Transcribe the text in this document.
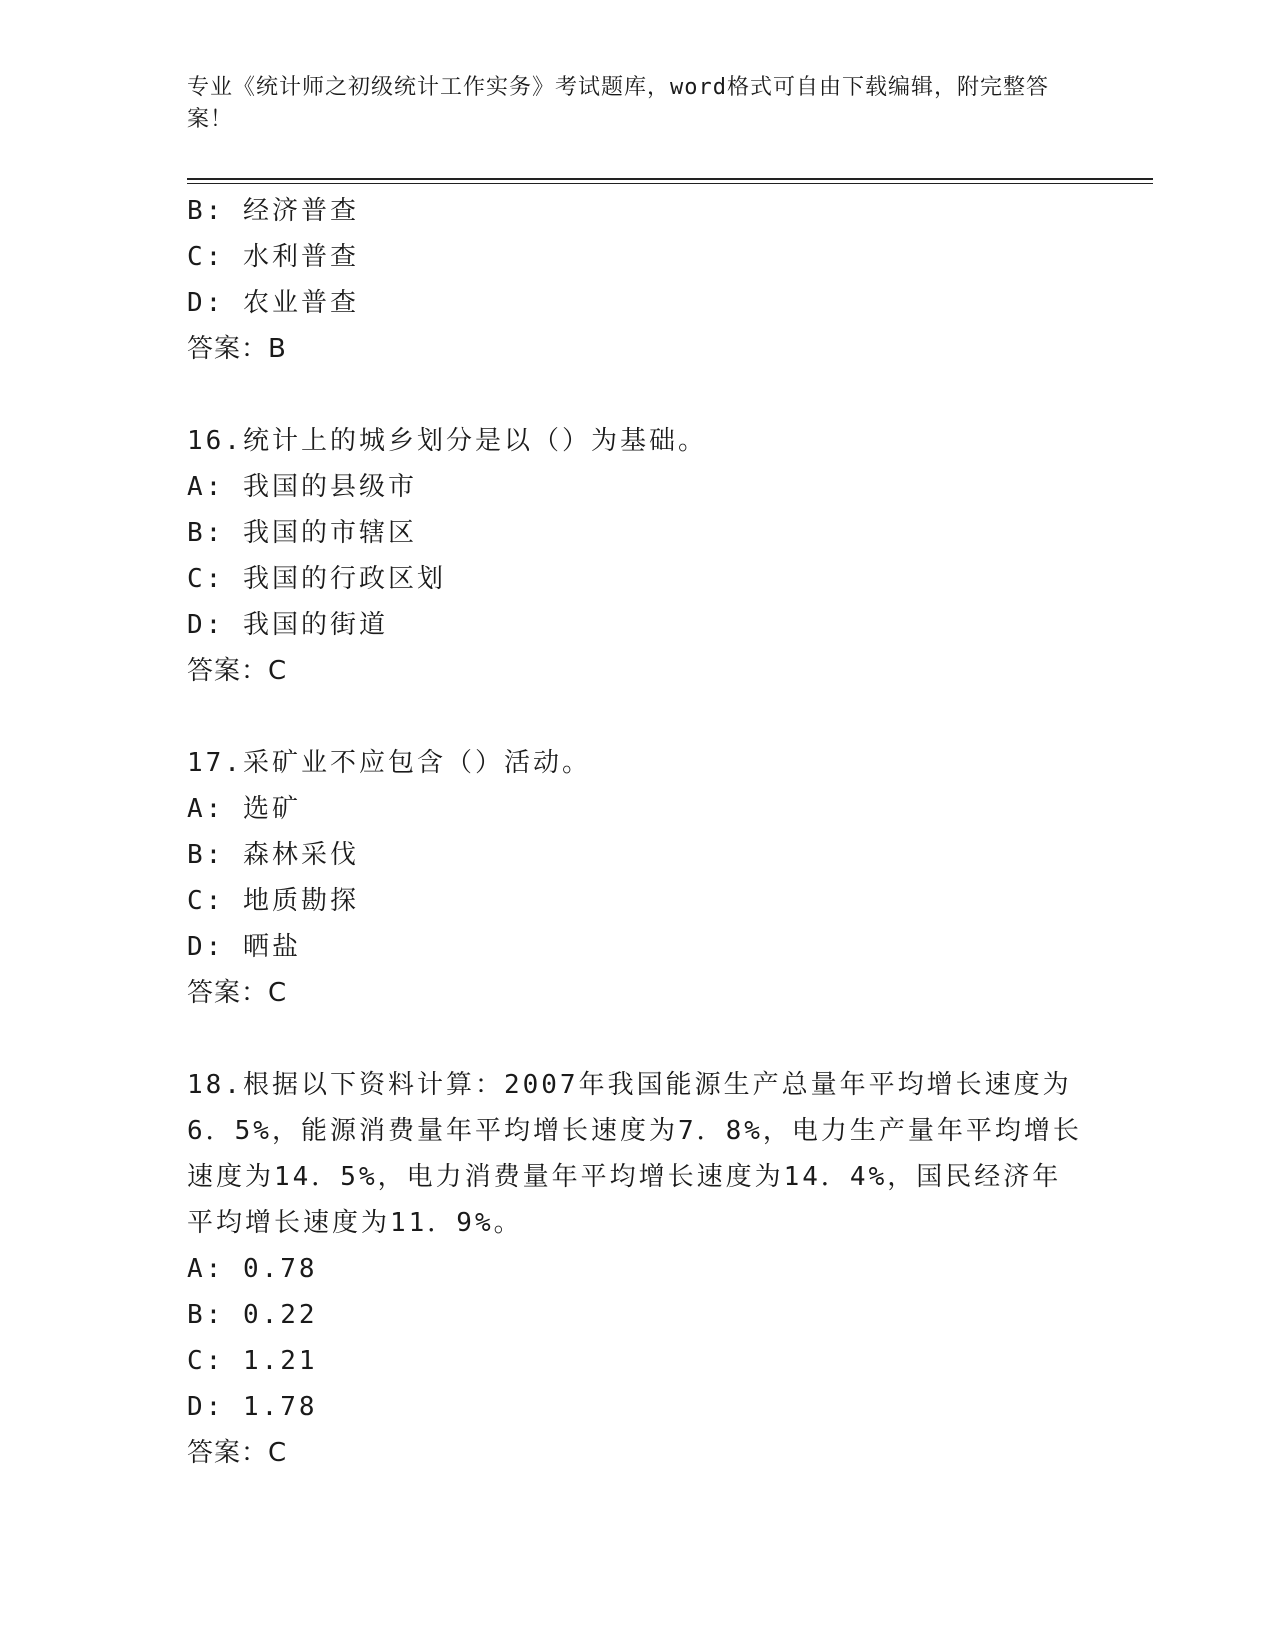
专业《统计师之初级统计工作实务》考试题库，word格式可自由下载编辑，附完整答案！
B: 经济普查
C: 水利普查
D: 农业普查
答案：B
16.统计上的城乡划分是以（）为基础。
A: 我国的县级市
B: 我国的市辖区
C: 我国的行政区划
D: 我国的街道
答案：C
17.采矿业不应包含（）活动。
A: 选矿
B: 森林采伐
C: 地质勘探
D: 晒盐
答案：C
18.根据以下资料计算：2007年我国能源生产总量年平均增长速度为6．5%，能源消费量年平均增长速度为7．8%，电力生产量年平均增长速度为14．5%，电力消费量年平均增长速度为14．4%，国民经济年平均增长速度为11．9%。
A: 0.78
B: 0.22
C: 1.21
D: 1.78
答案：C
